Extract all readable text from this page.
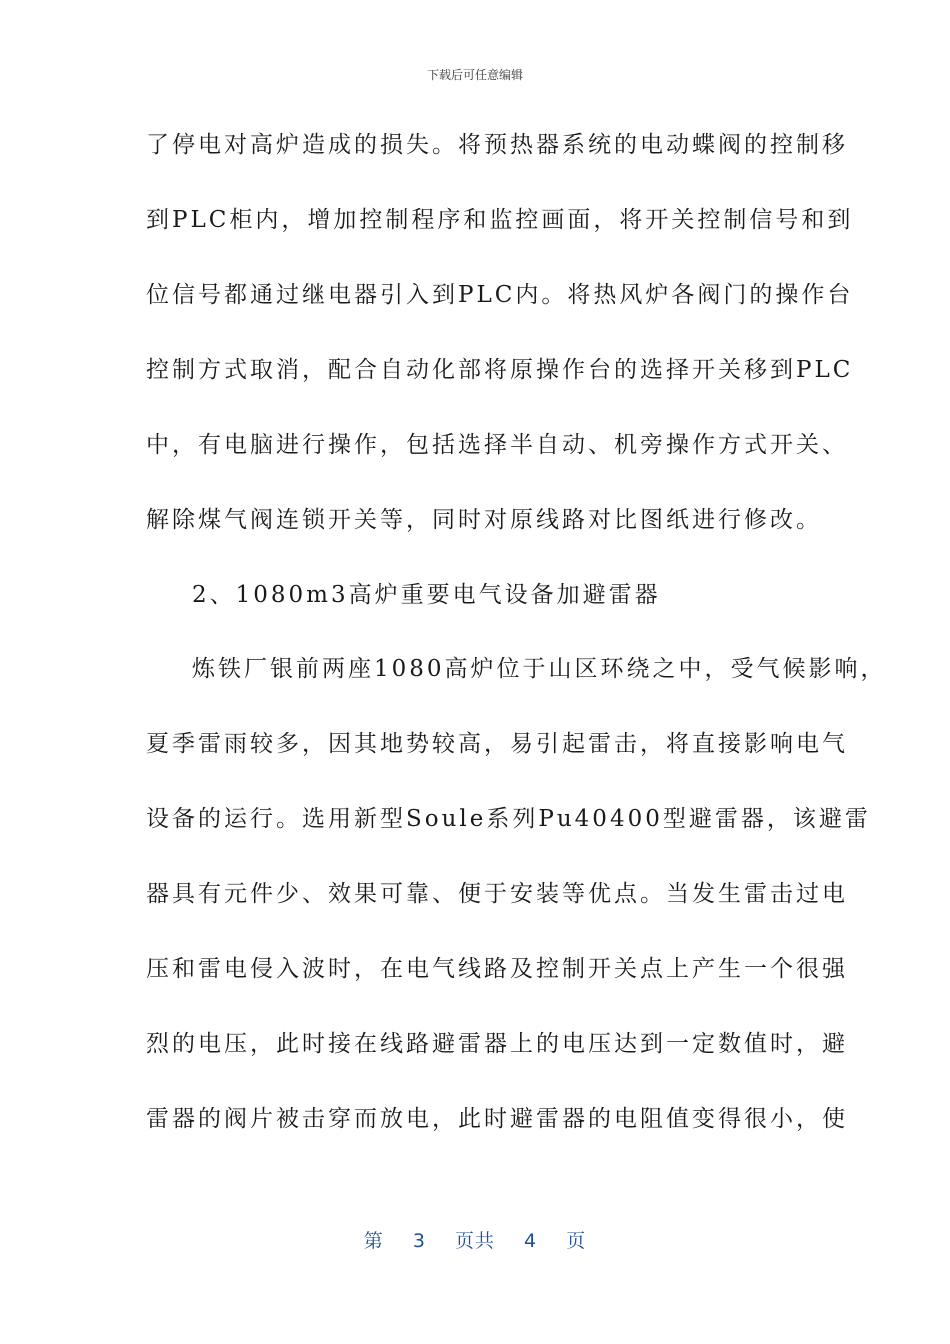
下载后可任意编辑
了停电对高炉造成的损失。将预热器系统的电动蝶阀的控制移
到PLC柜内，增加控制程序和监控画面，将开关控制信号和到
位信号都通过继电器引入到PLC内。将热风炉各阀门的操作台
控制方式取消，配合自动化部将原操作台的选择开关移到PLC
中，有电脑进行操作，包括选择半自动、机旁操作方式开关、
解除煤气阀连锁开关等，同时对原线路对比图纸进行修改。
2、1080m3高炉重要电气设备加避雷器
炼铁厂银前两座1080高炉位于山区环绕之中，受气候影响，
夏季雷雨较多，因其地势较高，易引起雷击，将直接影响电气
设备的运行。选用新型Soule系列Pu40400型避雷器，该避雷
器具有元件少、效果可靠、便于安装等优点。当发生雷击过电
压和雷电侵入波时，在电气线路及控制开关点上产生一个很强
烈的电压，此时接在线路避雷器上的电压达到一定数值时，避
雷器的阀片被击穿而放电，此时避雷器的电阻值变得很小，使
第 3 页共 4 页
